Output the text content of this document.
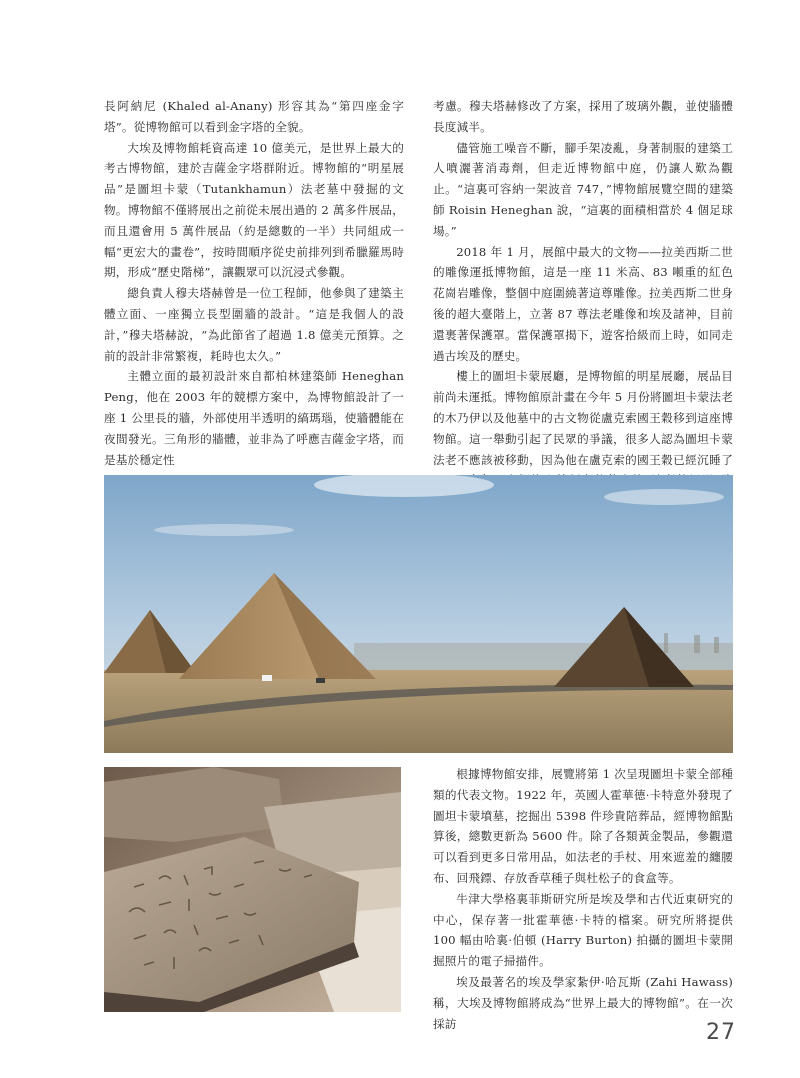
長阿納尼 (Khaled al-Anany) 形容其為“第四座金字塔”。從博物館可以看到金字塔的全貌。

大埃及博物館耗資高達 10 億美元，是世界上最大的考古博物館，建於吉薩金字塔群附近。博物館的“明星展品”是圖坦卡蒙（Tutankhamun）法老墓中發掘的文物。博物館不僅將展出之前從未展出過的 2 萬多件展品，而且還會用 5 萬件展品（約是總數的一半）共同組成一幅“更宏大的畫卷”，按時間順序從史前排列到希臘羅馬時期，形成“歷史階梯”，讓觀眾可以沉浸式參觀。

總負責人穆夫塔赫曾是一位工程師，他參與了建築主體立面、一座獨立長型圍牆的設計。“這是我個人的設計，”穆夫塔赫說，“為此節省了超過 1.8 億美元預算。之前的設計非常繁複，耗時也太久。”

主體立面的最初設計來自都柏林建築師 Heneghan Peng，他在 2003 年的競標方案中，為博物館設計了一座 1 公里長的牆，外部使用半透明的縞瑪瑙，使牆體能在夜間發光。三角形的牆體，並非為了呼應吉薩金字塔，而是基於穩定性

考慮。穆夫塔赫修改了方案，採用了玻璃外觀，並使牆體長度減半。

儘管施工噪音不斷，腳手架凌亂，身著制服的建築工人噴灑著消毒劑，但走近博物館中庭，仍讓人歎為觀止。“這裏可容納一架波音 747，”博物館展覽空間的建築師 Roisin Heneghan 說，“這裏的面積相當於 4 個足球場。”

2018 年 1 月，展館中最大的文物——拉美西斯二世的雕像運抵博物館，這是一座 11 米高、83 噸重的紅色花崗岩雕像，整個中庭圍繞著這尊雕像。拉美西斯二世身後的超大臺階上，立著 87 尊法老雕像和埃及諸神，目前還裹著保護罩。當保護罩揭下，遊客拾級而上時，如同走過古埃及的歷史。

樓上的圖坦卡蒙展廳，是博物館的明星展廳，展品目前尚未運抵。博物館原計畫在今年 5 月份將圖坦卡蒙法老的木乃伊以及他墓中的古文物從盧克索國王穀移到這座博物館。這一舉動引起了民眾的爭議，很多人認為圖坦卡蒙法老不應該被移動，因為他在盧克索的國王穀已經沉睡了

根據博物館安排，展覽將第 1 次呈現圖坦卡蒙全部種類的代表文物。1922 年，英國人霍華德·卡特意外發現了圖坦卡蒙墳墓，挖掘出 5398 件珍貴陪葬品，經博物館點算後，總數更新為 5600 件。除了各類黃金製品，參觀還可以看到更多日常用品，如法老的手杖、用來遮羞的纏腰布、回飛鏢、存放香草種子與杜松子的食盒等。

牛津大學格裏菲斯研究所是埃及學和古代近東研究的中心，保存著一批霍華德·卡特的檔案。研究所將提供 100 幅由哈裏·伯頓 (Harry Burton) 拍攝的圖坦卡蒙開掘照片的電子掃描件。

埃及最著名的埃及學家紮伊·哈瓦斯 (Zahi Hawass) 稱，大埃及博物館將成為“世界上最大的博物館”。在一次採訪	27
